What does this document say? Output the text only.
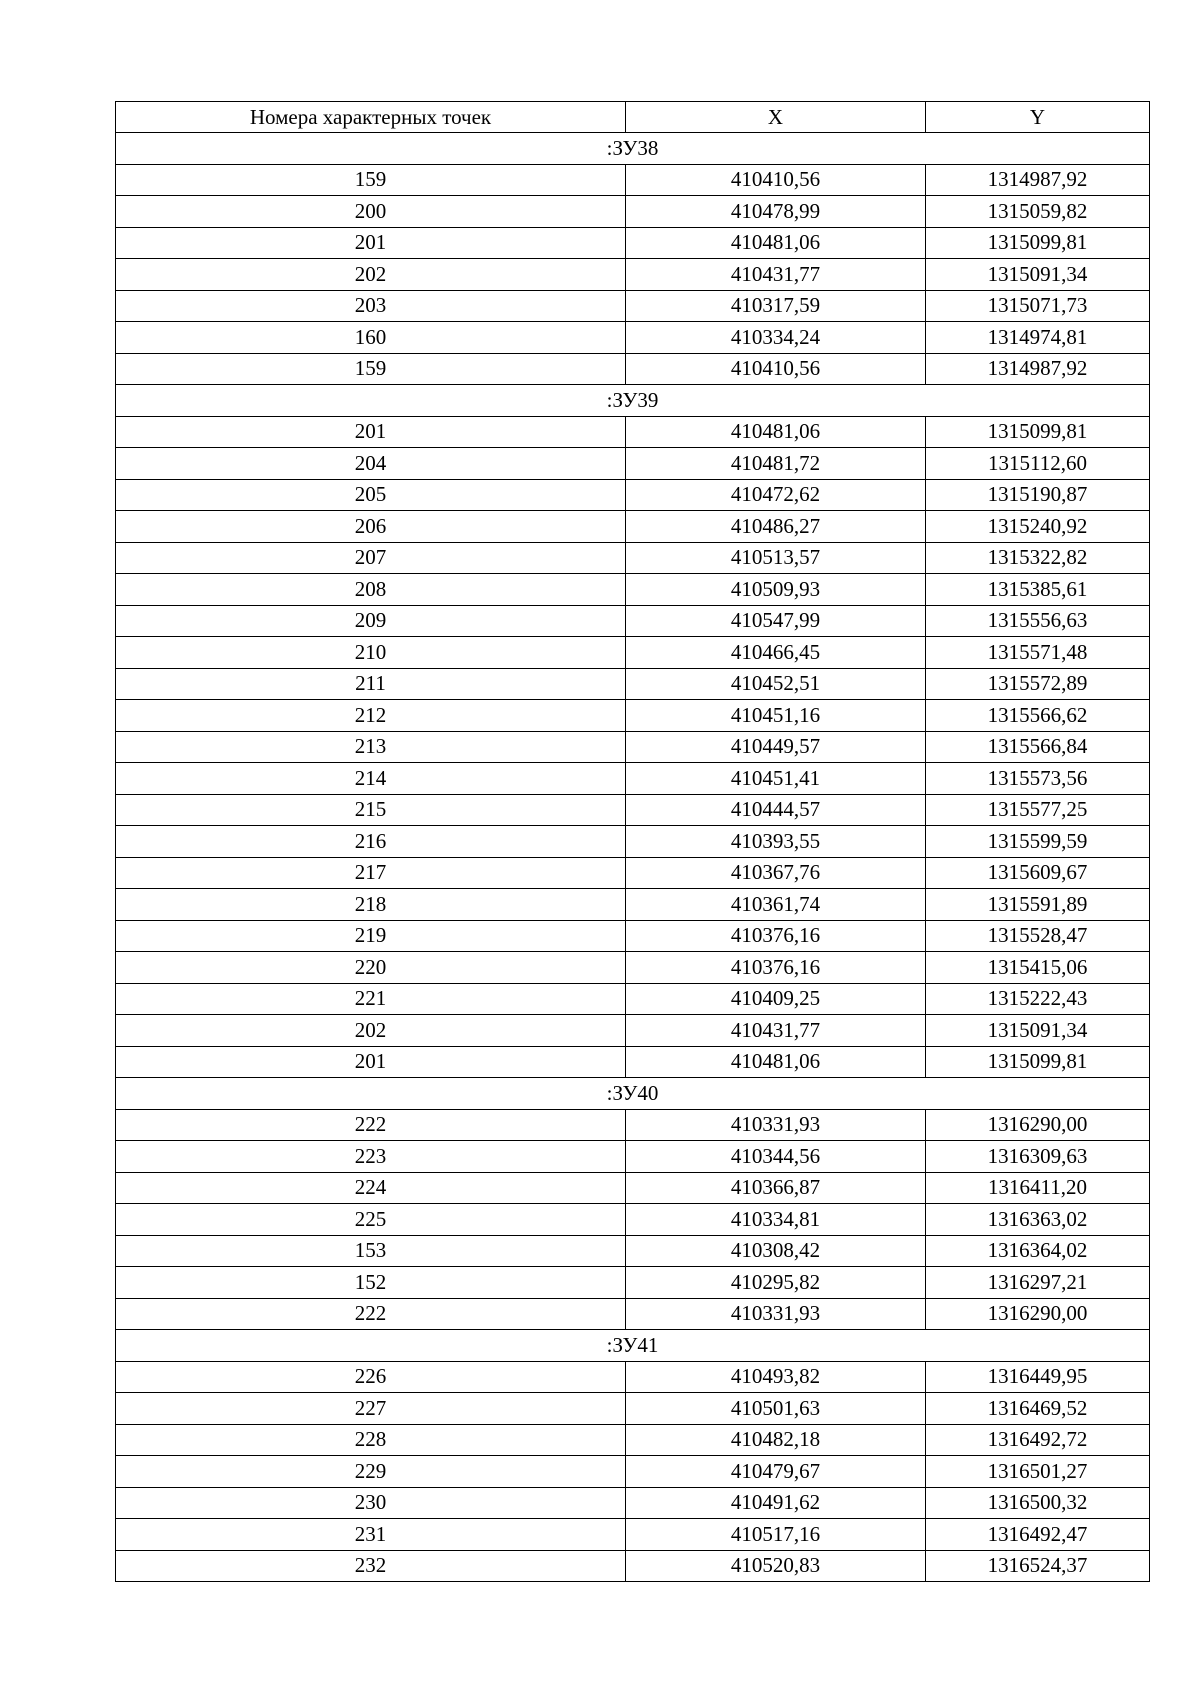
Номера характерных точек	X	Y
:ЗУ38		
159	410410,56	1314987,92
200	410478,99	1315059,82
201	410481,06	1315099,81
202	410431,77	1315091,34
203	410317,59	1315071,73
160	410334,24	1314974,81
159	410410,56	1314987,92
:ЗУ39		
201	410481,06	1315099,81
204	410481,72	1315112,60
205	410472,62	1315190,87
206	410486,27	1315240,92
207	410513,57	1315322,82
208	410509,93	1315385,61
209	410547,99	1315556,63
210	410466,45	1315571,48
211	410452,51	1315572,89
212	410451,16	1315566,62
213	410449,57	1315566,84
214	410451,41	1315573,56
215	410444,57	1315577,25
216	410393,55	1315599,59
217	410367,76	1315609,67
218	410361,74	1315591,89
219	410376,16	1315528,47
220	410376,16	1315415,06
221	410409,25	1315222,43
202	410431,77	1315091,34
201	410481,06	1315099,81
:ЗУ40		
222	410331,93	1316290,00
223	410344,56	1316309,63
224	410366,87	1316411,20
225	410334,81	1316363,02
153	410308,42	1316364,02
152	410295,82	1316297,21
222	410331,93	1316290,00
:ЗУ41		
226	410493,82	1316449,95
227	410501,63	1316469,52
228	410482,18	1316492,72
229	410479,67	1316501,27
230	410491,62	1316500,32
231	410517,16	1316492,47
232	410520,83	1316524,37
